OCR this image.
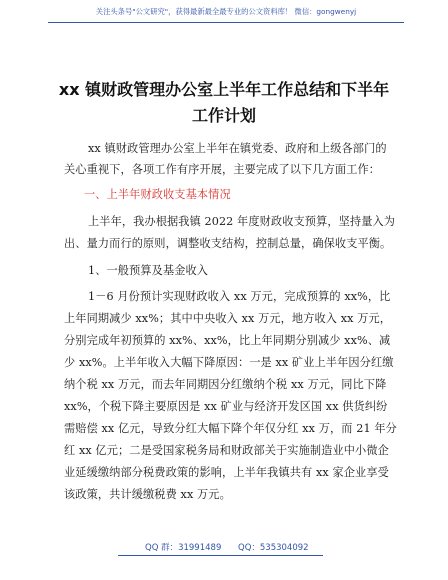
关注头条号"公文研究"，获得最新最全最专业的公文资料库！ 微信：gongwenyj
xx 镇财政管理办公室上半年工作总结和下半年
工作计划
xx 镇财政管理办公室上半年在镇党委、政府和上级各部门的
关心重视下，各项工作有序开展，主要完成了以下几方面工作：
一、上半年财政收支基本情况
上半年，我办根据我镇 2022 年度财政收支预算，坚持量入为
出、量力而行的原则，调整收支结构，控制总量，确保收支平衡。
1、一般预算及基金收入
1－6 月份预计实现财政收入 xx 万元，完成预算的 xx%，比
上年同期减少 xx%；其中中央收入 xx 万元，地方收入 xx 万元，
分别完成年初预算的 xx%、xx%，比上年同期分别减少 xx%、减
少 xx%。上半年收入大幅下降原因：一是 xx 矿业上半年因分红缴
纳个税 xx 万元，而去年同期因分红缴纳个税 xx 万元，同比下降
xx%，个税下降主要原因是 xx 矿业与经济开发区国 xx 供货纠纷
需赔偿 xx 亿元，导致分红大幅下降个年仅分红 xx 万，而 21 年分
红 xx 亿元；二是受国家税务局和财政部关于实施制造业中小微企
业延缓缴纳部分税费政策的影响，上半年我镇共有 xx 家企业享受
该政策，共计缓缴税费 xx 万元。
QQ 群：31991489 QQ：535304092
